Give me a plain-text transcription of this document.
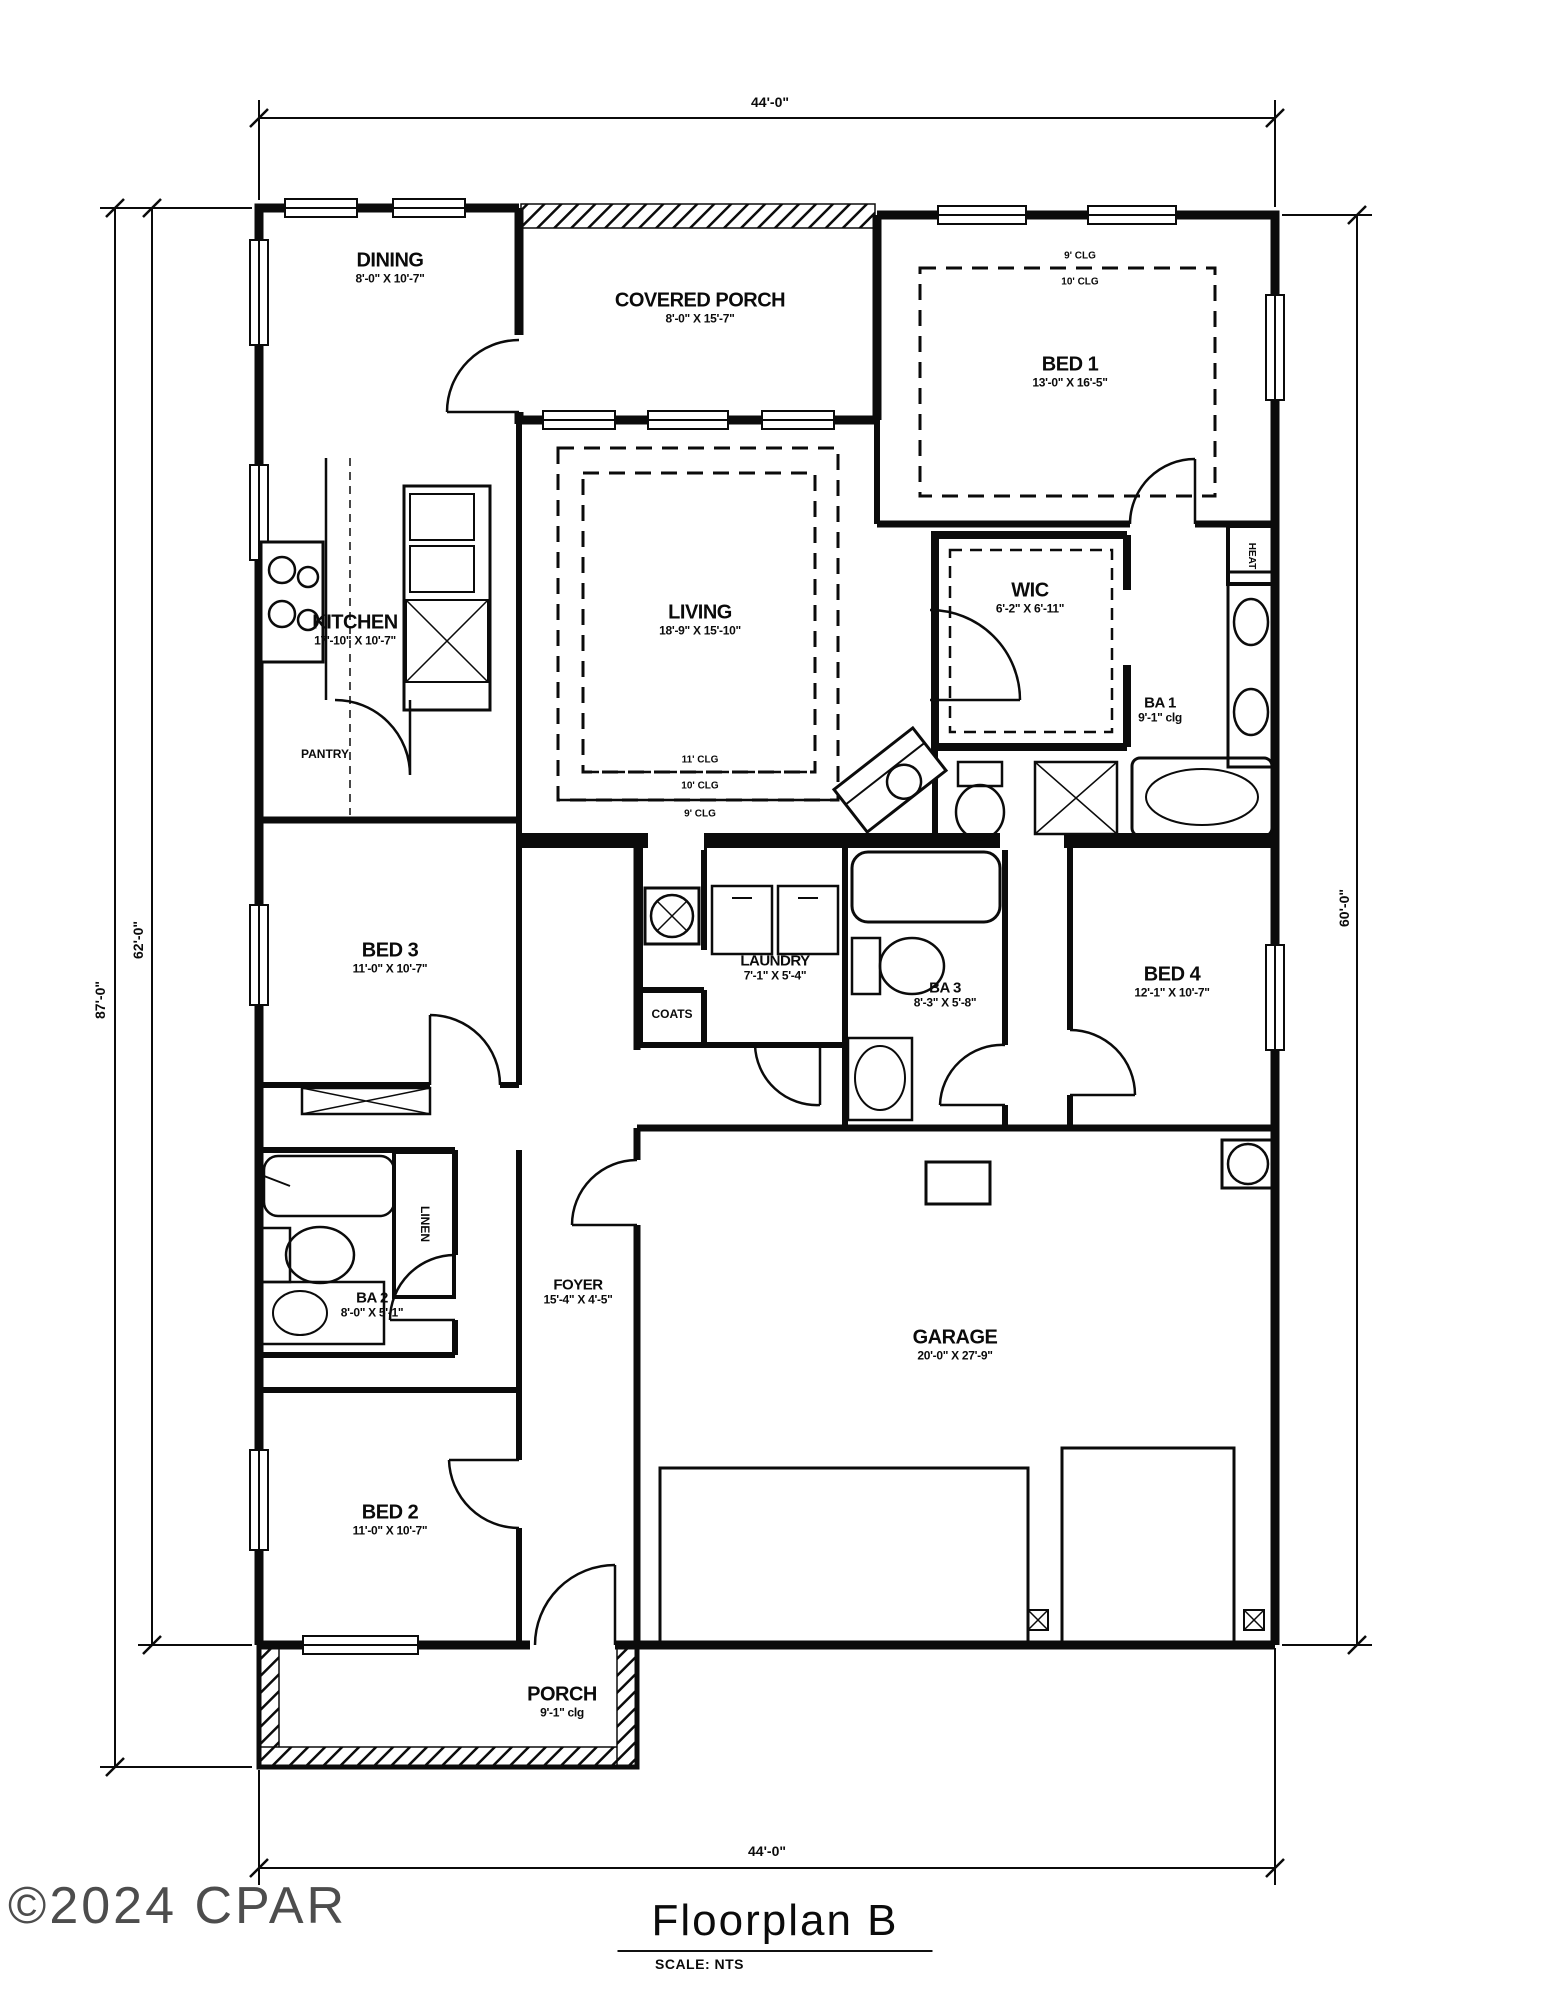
DINING
8'-0" X 10'-7"
COVERED PORCH
8'-0" X 15'-7"
BED 1
13'-0" X 16'-5"
9' CLG
10' CLG
KITCHEN
17'-10" X 10'-7"
LIVING
18'-9" X 15'-10"
11' CLG
10' CLG
9' CLG
WIC
6'-2" X 6'-11"
HEAT
BA 1
9'-1" clg
PANTRY
BED 3
11'-0" X 10'-7"	LAUNDRY
7'-1" X 5'-4"
COATS
BA 3
8'-3" X 5'-8"
BED 4
12'-1" X 10'-7"
LINEN
BA 2
8'-0" X 5'-1"
FOYER
15'-4" X 4'-5"
GARAGE
20'-0" X 27'-9"
BED 2
11'-0" X 10'-7"
PORCH
9'-1" clg
44'-0"
44'-0"
87'-0"
62'-0"
60'-0"
Floorplan B
SCALE: NTS
©2024 CPAR
